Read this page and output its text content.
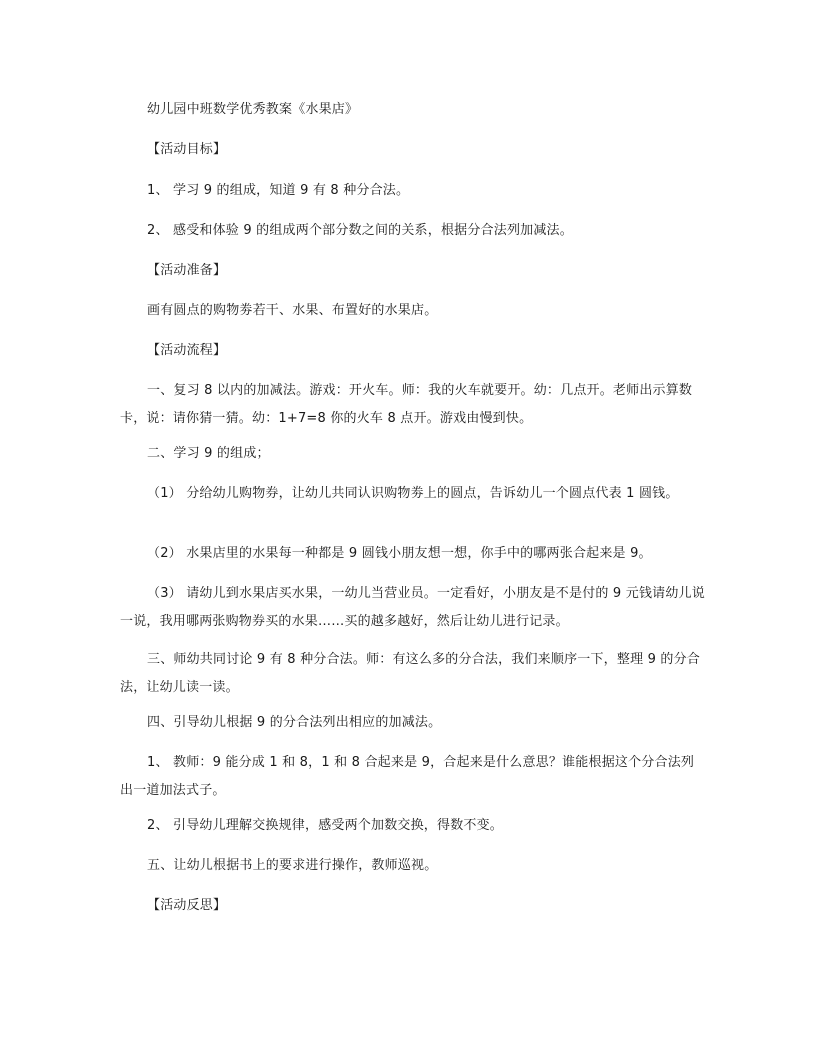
幼儿园中班数学优秀教案《水果店》
【活动目标】
1、 学习 9 的组成，知道 9 有 8 种分合法。
2、 感受和体验 9 的组成两个部分数之间的关系，根据分合法列加减法。
【活动准备】
画有圆点的购物劵若干、水果、布置好的水果店。
【活动流程】
一、复习 8 以内的加减法。游戏：开火车。师：我的火车就要开。幼：几点开。老师出示算数卡，说：请你猜一猜。幼：1+7=8 你的火车 8 点开。游戏由慢到快。
二、学习 9 的组成；
（1） 分给幼儿购物券，让幼儿共同认识购物劵上的圆点，告诉幼儿一个圆点代表 1 圆钱。
（2） 水果店里的水果每一种都是 9 圆钱小朋友想一想，你手中的哪两张合起来是 9。
（3） 请幼儿到水果店买水果，一幼儿当营业员。一定看好，小朋友是不是付的 9 元钱请幼儿说一说，我用哪两张购物券买的水果……买的越多越好，然后让幼儿进行记录。
三、师幼共同讨论 9 有 8 种分合法。师：有这么多的分合法，我们来顺序一下，整理 9 的分合法，让幼儿读一读。
四、引导幼儿根据 9 的分合法列出相应的加减法。
1、 教师：9 能分成 1 和 8，1 和 8 合起来是 9，合起来是什么意思？谁能根据这个分合法列出一道加法式子。
2、 引导幼儿理解交换规律，感受两个加数交换，得数不变。
五、让幼儿根据书上的要求进行操作，教师巡视。
【活动反思】
